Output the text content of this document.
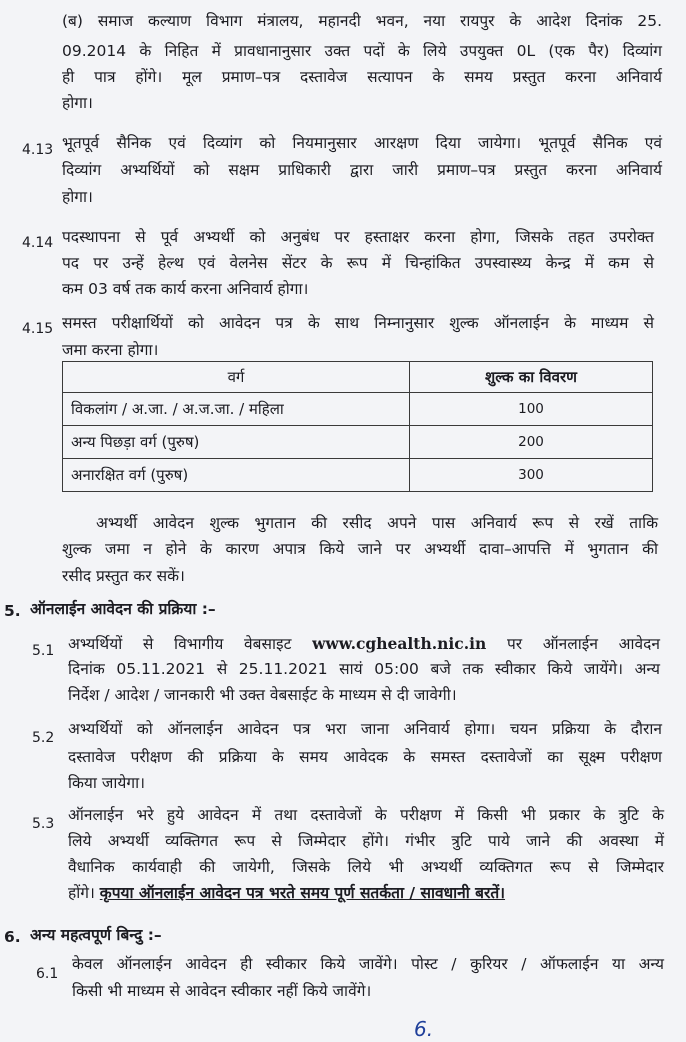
(ब) समाज कल्याण विभाग मंत्रालय, महानदी भवन, नया रायपुर के आदेश दिनांक 25.

09.2014 के निहित में प्रावधानानुसार उक्त पदों के लिये उपयुक्त 0L (एक पैर) दिव्यांग

ही पात्र होंगे। मूल प्रमाण–पत्र दस्तावेज सत्यापन के समय प्रस्तुत करना अनिवार्य

होगा।

4.13 भूतपूर्व सैनिक एवं दिव्यांग को नियमानुसार आरक्षण दिया जायेगा। भूतपूर्व सैनिक एवं

दिव्यांग अभ्यर्थियों को सक्षम प्राधिकारी द्वारा जारी प्रमाण–पत्र प्रस्तुत करना अनिवार्य

होगा।

4.14 पदस्थापना से पूर्व अभ्यर्थी को अनुबंध पर हस्ताक्षर करना होगा, जिसके तहत उपरोक्त

पद पर उन्हें हेल्थ एवं वेलनेस सेंटर के रूप में चिन्हांकित उपस्वास्थ्य केन्द्र में कम से

कम 03 वर्ष तक कार्य करना अनिवार्य होगा।

4.15 समस्त परीक्षार्थियों को आवेदन पत्र के साथ निम्नानुसार शुल्क ऑनलाईन के माध्यम से

जमा करना होगा।

वर्ग	शुल्क का विवरण
विकलांग / अ.जा. / अ.ज.जा. / महिला	100
अन्य पिछड़ा वर्ग (पुरुष)	200
अनारक्षित वर्ग (पुरुष)	300

अभ्यर्थी आवेदन शुल्क भुगतान की रसीद अपने पास अनिवार्य रूप से रखें ताकि

शुल्क जमा न होने के कारण अपात्र किये जाने पर अभ्यर्थी दावा–आपत्ति में भुगतान की

रसीद प्रस्तुत कर सकें।

5. ऑनलाईन आवेदन की प्रक्रिया :–
5.1 अभ्यर्थियों से विभागीय वेबसाइट www.cghealth.nic.in पर ऑनलाईन आवेदन

दिनांक 05.11.2021 से 25.11.2021 सायं 05:00 बजे तक स्वीकार किये जायेंगे। अन्य

निर्देश / आदेश / जानकारी भी उक्त वेबसाईट के माध्यम से दी जावेगी।

5.2 अभ्यर्थियों को ऑनलाईन आवेदन पत्र भरा जाना अनिवार्य होगा। चयन प्रक्रिया के दौरान

दस्तावेज परीक्षण की प्रक्रिया के समय आवेदक के समस्त दस्तावेजों का सूक्ष्म परीक्षण

किया जायेगा।

5.3 ऑनलाईन भरे हुये आवेदन में तथा दस्तावेजों के परीक्षण में किसी भी प्रकार के त्रुटि के

लिये अभ्यर्थी व्यक्तिगत रूप से जिम्मेदार होंगे। गंभीर त्रुटि पाये जाने की अवस्था में

वैधानिक कार्यवाही की जायेगी, जिसके लिये भी अभ्यर्थी व्यक्तिगत रूप से जिम्मेदार

होंगे। कृपया ऑनलाईन आवेदन पत्र भरते समय पूर्ण सतर्कता / सावधानी बरतें।

6. अन्य महत्वपूर्ण बिन्दु :–
6.1

केवल ऑनलाईन आवेदन ही स्वीकार किये जावेंगे। पोस्ट / कुरियर / ऑफलाईन या अन्य

किसी भी माध्यम से आवेदन स्वीकार नहीं किये जावेंगे।

6.
